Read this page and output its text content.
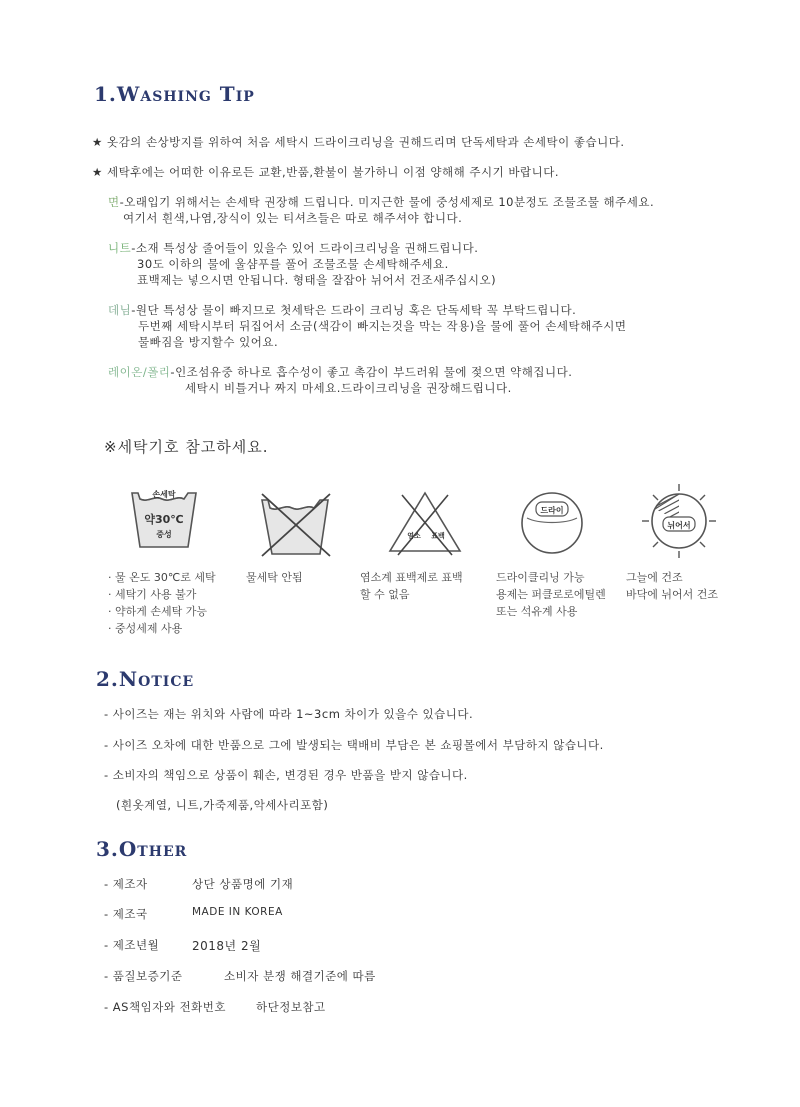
1.Washing Tip
★ 옷감의 손상방지를 위하여 처음 세탁시 드라이크리닝을 권해드리며 단독세탁과 손세탁이 좋습니다.
★ 세탁후에는 어떠한 이유로든 교환,반품,환불이 불가하니 이점 양해해 주시기 바랍니다.
면-오래입기 위해서는 손세탁 권장해 드립니다. 미지근한 물에 중성세제로 10분정도 조물조물 해주세요.
여기서 흰색,나염,장식이 있는 티셔츠들은 따로 해주셔야 합니다.
니트-소재 특성상 줄어들이 있을수 있어 드라이크리닝을 권해드립니다.
30도 이하의 물에 울샴푸를 풀어 조물조물 손세탁해주세요.
표백제는 넣으시면 안됩니다. 형태을 잘잡아 뉘어서 건조새주십시오)
데님-원단 특성상 물이 빠지므로 첫세탁은 드라이 크리닝 혹은 단독세탁 꼭 부탁드립니다.
두번째 세탁시부터 뒤집어서 소금(색감이 빠지는것을 막는 작용)을 물에 풀어 손세탁해주시면
물빠짐을 방지할수 있어요.
레이온/폴리-인조섬유중 하나로 흡수성이 좋고 촉감이 부드러워 물에 젖으면 약해집니다.
세탁시 비틀거나 짜지 마세요.드라이크리닝을 권장해드립니다.
※세탁기호 참고하세요.
손세탁
약30℃
중성
· 물 온도 30℃로 세탁
· 세탁기 사용 불가
· 약하게 손세탁 가능
· 중성세제 사용
물세탁 안됨
염소 표백
염소계 표백제로 표백
할 수 없음
드라이
드라이클리닝 가능
용제는 퍼클로로에틸렌
또는 석유계 사용
뉘어서
그늘에 건조
바닥에 뉘어서 건조
2.Notice
- 사이즈는 재는 위치와 사람에 따라 1~3cm 차이가 있을수 있습니다.
- 사이즈 오차에 대한 반품으로 그에 발생되는 택배비 부담은 본 쇼핑몰에서 부담하지 않습니다.
- 소비자의 책임으로 상품이 훼손, 변경된 경우 반품을 받지 않습니다.
(흰옷계열, 니트,가죽제품,악세사리포함)
3.Other
- 제조자	상단 상품명에 기재
- 제조국	MADE IN KOREA
- 제조년월	2018년 2월
- 품질보증기준	소비자 분쟁 해결기준에 따름
- AS책임자와 전화번호	하단정보참고
